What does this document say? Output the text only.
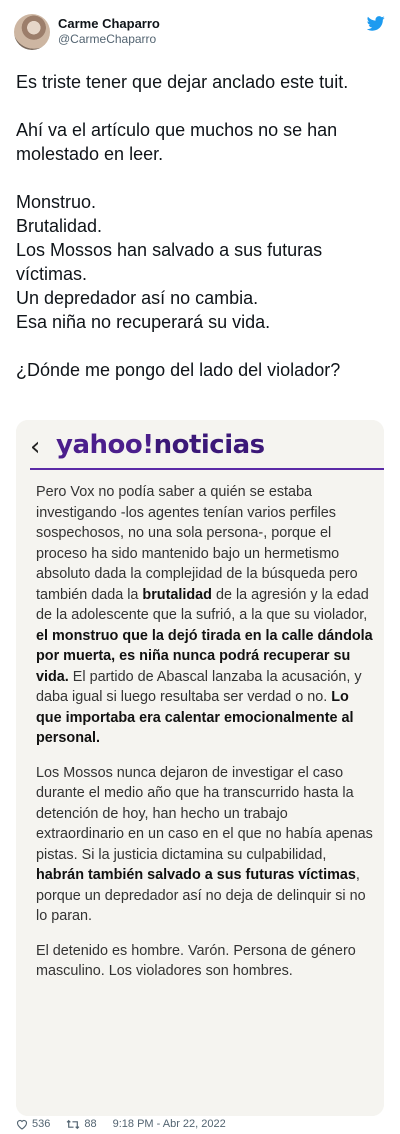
Carme Chaparro
@CarmeChaparro

Es triste tener que dejar anclado este tuit.

Ahí va el artículo que muchos no se han molestado en leer.

Monstruo.
Brutalidad.
Los Mossos han salvado a sus futuras víctimas.
Un depredador así no cambia.
Esa niña no recuperará su vida.

¿Dónde me pongo del lado del violador?

‹ yahoo!noticias

Pero Vox no podía saber a quién se estaba investigando -los agentes tenían varios perfiles sospechosos, no una sola persona-, porque el proceso ha sido mantenido bajo un hermetismo absoluto dada la complejidad de la búsqueda pero también dada la brutalidad de la agresión y la edad de la adolescente que la sufrió, a la que su violador, el monstruo que la dejó tirada en la calle dándola por muerta, es niña nunca podrá recuperar su vida. El partido de Abascal lanzaba la acusación, y daba igual si luego resultaba ser verdad o no. Lo que importaba era calentar emocionalmente al personal.

Los Mossos nunca dejaron de investigar el caso durante el medio año que ha transcurrido hasta la detención de hoy, han hecho un trabajo extraordinario en un caso en el que no había apenas pistas. Si la justicia dictamina su culpabilidad, habrán también salvado a sus futuras víctimas, porque un depredador así no deja de delinquir si no lo paran.

El detenido es hombre. Varón. Persona de género masculino. Los violadores son hombres.

536	88 9:18 PM - Abr 22, 2022
